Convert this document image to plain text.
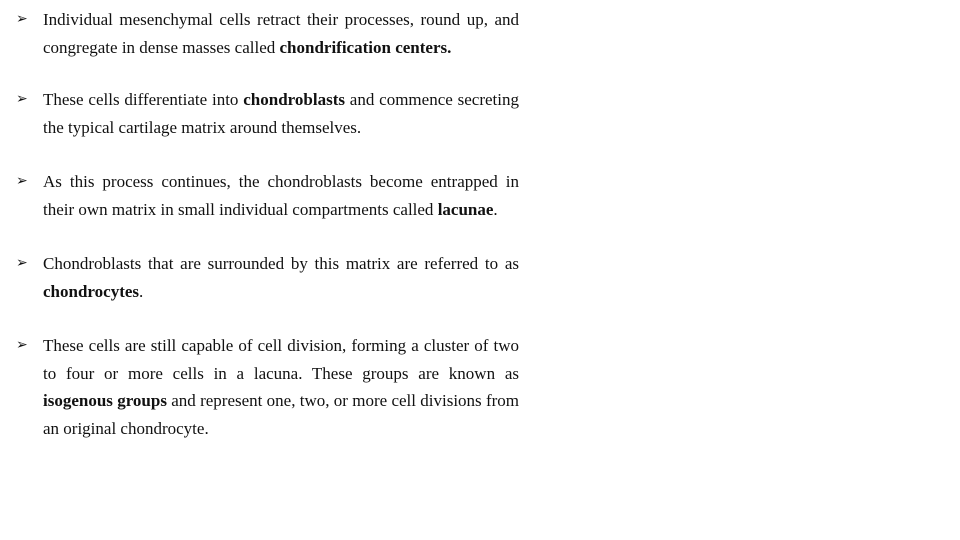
➢ Individual mesenchymal cells retract their processes, round up, and congregate in dense masses called chondrification centers.
➢ These cells differentiate into chondroblasts and commence secreting the typical cartilage matrix around themselves.
➢ As this process continues, the chondroblasts become entrapped in their own matrix in small individual compartments called lacunae.
➢ Chondroblasts that are surrounded by this matrix are referred to as chondrocytes.
➢ These cells are still capable of cell division, forming a cluster of two to four or more cells in a lacuna. These groups are known as isogenous groups and represent one, two, or more cell divisions from an original chondrocyte.
